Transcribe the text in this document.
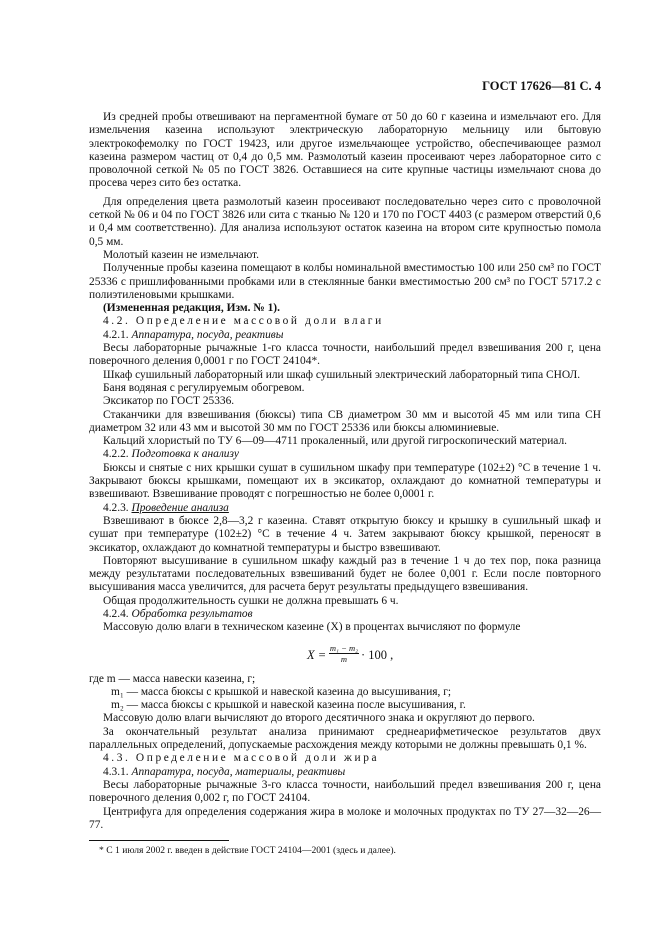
ГОСТ 17626—81 С. 4

Из средней пробы отвешивают на пергаментной бумаге от 50 до 60 г казеина и измельчают его. Для измельчения казеина используют электрическую лабораторную мельницу или бытовую электрокофемолку по ГОСТ 19423, или другое измельчающее устройство, обеспечивающее размол казеина размером частиц от 0,4 до 0,5 мм. Размолотый казеин просеивают через лабораторное сито с проволочной сеткой № 05 по ГОСТ 3826. Оставшиеся на сите крупные частицы измельчают снова до просева через сито без остатка.

Для определения цвета размолотый казеин просеивают последовательно через сито с проволочной сеткой № 06 и 04 по ГОСТ 3826 или сита с тканью № 120 и 170 по ГОСТ 4403 (с размером отверстий 0,6 и 0,4 мм соответственно). Для анализа используют остаток казеина на втором сите крупностью помола 0,5 мм.

Молотый казеин не измельчают.

Полученные пробы казеина помещают в колбы номинальной вместимостью 100 или 250 см³ по ГОСТ 25336 с пришлифованными пробками или в стеклянные банки вместимостью 200 см³ по ГОСТ 5717.2 с полиэтиленовыми крышками.

(Измененная редакция, Изм. № 1).

4.2. Определение массовой доли влаги

4.2.1. Аппаратура, посуда, реактивы

Весы лабораторные рычажные 1-го класса точности, наибольший предел взвешивания 200 г, цена поверочного деления 0,0001 г по ГОСТ 24104*.

Шкаф сушильный лабораторный или шкаф сушильный электрический лабораторный типа СНОЛ.

Баня водяная с регулируемым обогревом.

Эксикатор по ГОСТ 25336.

Стаканчики для взвешивания (бюксы) типа СВ диаметром 30 мм и высотой 45 мм или типа СН диаметром 32 или 43 мм и высотой 30 мм по ГОСТ 25336 или бюксы алюминиевые.

Кальций хлористый по ТУ 6—09—4711 прокаленный, или другой гигроскопический материал.

4.2.2. Подготовка к анализу

Бюксы и снятые с них крышки сушат в сушильном шкафу при температуре (102±2) °С в течение 1 ч. Закрывают бюксы крышками, помещают их в эксикатор, охлаждают до комнатной температуры и взвешивают. Взвешивание проводят с погрешностью не более 0,0001 г.

4.2.3. Проведение анализа

Взвешивают в бюксе 2,8—3,2 г казеина. Ставят открытую бюксу и крышку в сушильный шкаф и сушат при температуре (102±2) °С в течение 4 ч. Затем закрывают бюксу крышкой, переносят в эксикатор, охлаждают до комнатной температуры и быстро взвешивают.

Повторяют высушивание в сушильном шкафу каждый раз в течение 1 ч до тех пор, пока разница между результатами последовательных взвешиваний будет не более 0,001 г. Если после повторного высушивания масса увеличится, для расчета берут результаты предыдущего взвешивания.

Общая продолжительность сушки не должна превышать 6 ч.

4.2.4. Обработка результатов

Массовую долю влаги в техническом казеине (X) в процентах вычисляют по формуле

$X = \frac{\text{m₁ − m₂}}{m} \cdot 100$ ,

где m — масса навески казеина, г;

m₁ — масса бюксы с крышкой и навеской казеина до высушивания, г;

m₂ — масса бюксы с крышкой и навеской казеина после высушивания, г.

Массовую долю влаги вычисляют до второго десятичного знака и округляют до первого.

За окончательный результат анализа принимают среднеарифметическое результатов двух параллельных определений, допускаемые расхождения между которыми не должны превышать 0,1 %.

4.3. Определение массовой доли жира

4.3.1. Аппаратура, посуда, материалы, реактивы

Весы лабораторные рычажные 3-го класса точности, наибольший предел взвешивания 200 г, цена поверочного деления 0,002 г, по ГОСТ 24104.

Центрифуга для определения содержания жира в молоке и молочных продуктах по ТУ 27—32—26—77.

* С 1 июля 2002 г. введен в действие ГОСТ 24104—2001 (здесь и далее).
